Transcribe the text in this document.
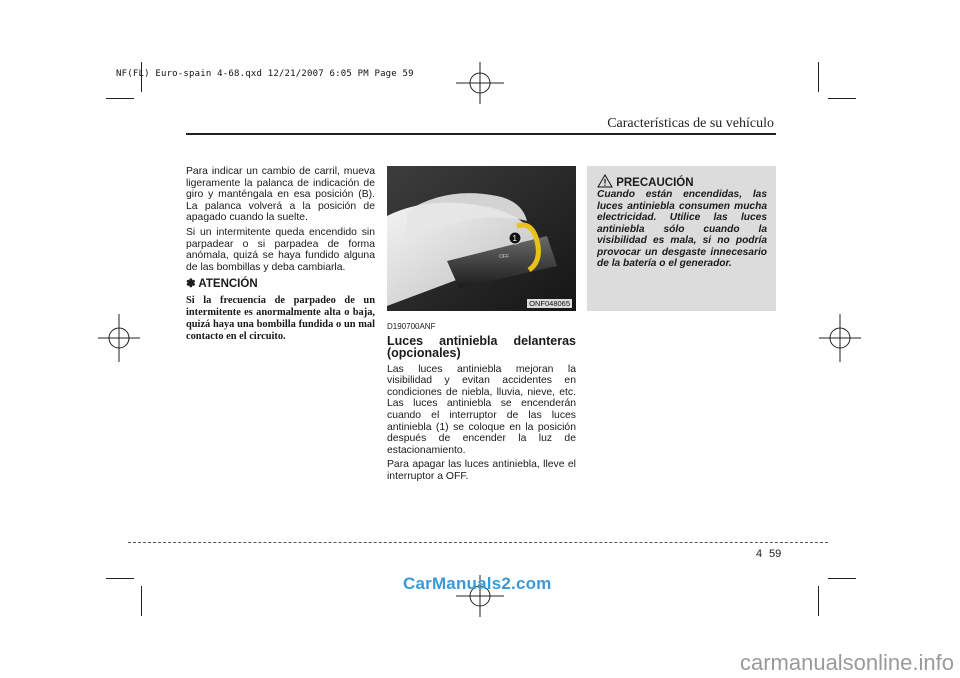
NF(FL) Euro-spain 4-68.qxd 12/21/2007 6:05 PM Page 59
Características de su vehículo

Para indicar un cambio de carril, mueva ligeramente la palanca de indicación de giro y manténgala en esa posición (B). La palanca volverá a la posición de apagado cuando la suelte.

Si un intermitente queda encendido sin parpadear o si parpadea de forma anómala, quizá se haya fundido alguna de las bombillas y deba cambiarla.

✽ ATENCIÓN
Si la frecuencia de parpadeo de un intermitente es anormalmente alta o baja, quizá haya una bombilla fundida o un mal contacto en el circuito.
1
OFF
ONF048065
D190700ANF
Luces antiniebla delanteras (opcionales)

Las luces antiniebla mejoran la visibilidad y evitan accidentes en condiciones de niebla, lluvia, nieve, etc. Las luces antiniebla se encenderán cuando el interruptor de las luces antiniebla (1) se coloque en la posición después de encender la luz de estacionamiento.

Para apagar las luces antiniebla, lleve el interruptor a OFF.

PRECAUCIÓN
Cuando están encendidas, las luces antiniebla consumen mucha electricidad. Utilice las luces antiniebla sólo cuando la visibilidad es mala, si no podría provocar un desgaste innecesario de la batería o el generador.
4 59
CarManuals2.com
carmanualsonline.info
